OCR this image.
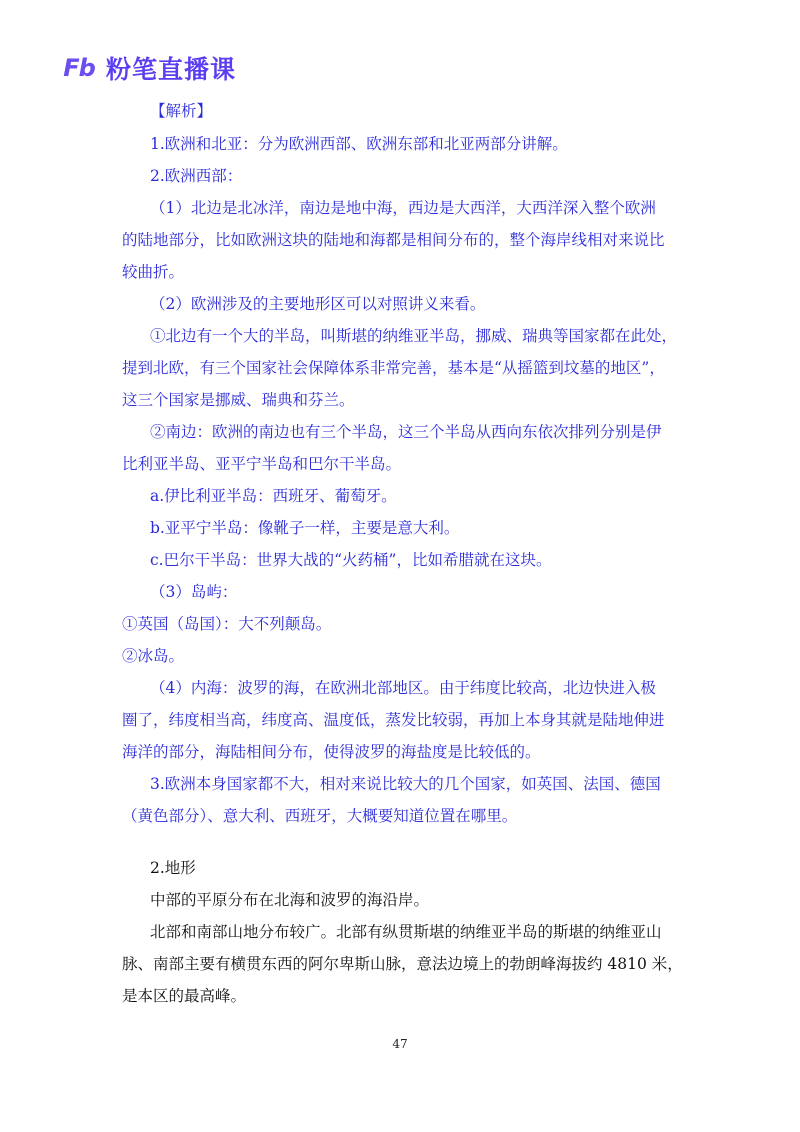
Fb 粉笔直播课
【解析】
1.欧洲和北亚：分为欧洲西部、欧洲东部和北亚两部分讲解。
2.欧洲西部：
（1）北边是北冰洋，南边是地中海，西边是大西洋，大西洋深入整个欧洲
的陆地部分，比如欧洲这块的陆地和海都是相间分布的，整个海岸线相对来说比
较曲折。
（2）欧洲涉及的主要地形区可以对照讲义来看。
①北边有一个大的半岛，叫斯堪的纳维亚半岛，挪威、瑞典等国家都在此处，
提到北欧，有三个国家社会保障体系非常完善，基本是“从摇篮到坟墓的地区”，
这三个国家是挪威、瑞典和芬兰。
②南边：欧洲的南边也有三个半岛，这三个半岛从西向东依次排列分别是伊
比利亚半岛、亚平宁半岛和巴尔干半岛。
a.伊比利亚半岛：西班牙、葡萄牙。
b.亚平宁半岛：像靴子一样，主要是意大利。
c.巴尔干半岛：世界大战的“火药桶”，比如希腊就在这块。
（3）岛屿：
①英国（岛国）：大不列颠岛。
②冰岛。
（4）内海：波罗的海，在欧洲北部地区。由于纬度比较高，北边快进入极
圈了，纬度相当高，纬度高、温度低，蒸发比较弱，再加上本身其就是陆地伸进
海洋的部分，海陆相间分布，使得波罗的海盐度是比较低的。
3.欧洲本身国家都不大，相对来说比较大的几个国家，如英国、法国、德国
（黄色部分）、意大利、西班牙，大概要知道位置在哪里。
2.地形
中部的平原分布在北海和波罗的海沿岸。
北部和南部山地分布较广。北部有纵贯斯堪的纳维亚半岛的斯堪的纳维亚山
脉、南部主要有横贯东西的阿尔卑斯山脉，意法边境上的勃朗峰海拔约 4810 米，
是本区的最高峰。
47
